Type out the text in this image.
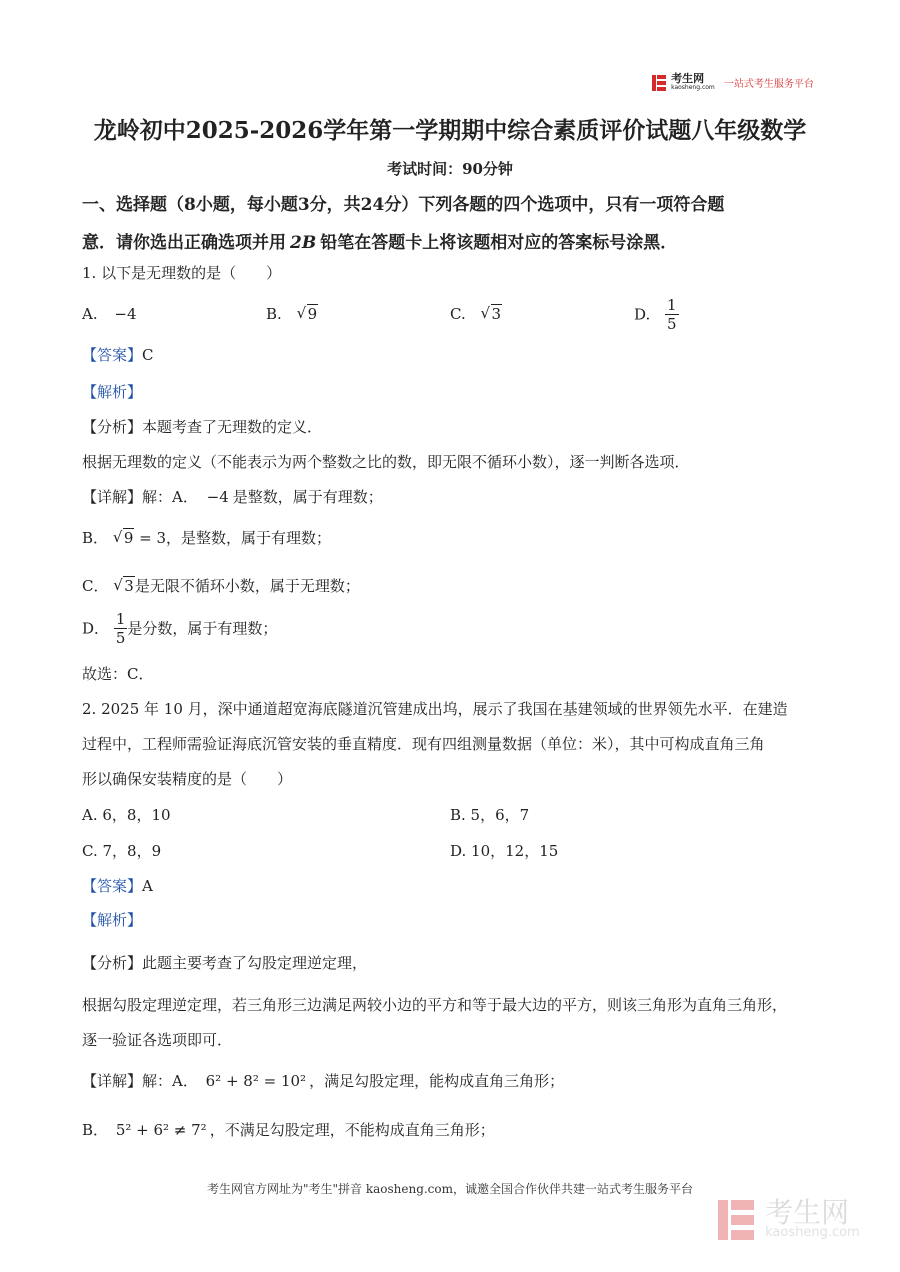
考生网
kaosheng.com 一站式考生服务平台
龙岭初中2025-2026学年第一学期期中综合素质评价试题八年级数学
考试时间：90分钟
一、选择题（8小题，每小题3分，共24分）下列各题的四个选项中，只有一项符合题
意．请你选出正确选项并用 2B 铅笔在答题卡上将该题相对应的答案标号涂黑．
1. 以下是无理数的是（　　）
A. −4	B. √ 9	C. √ 3	D. $\frac{1}{5}$
【答案】C
【解析】
【分析】本题考查了无理数的定义．
根据无理数的定义（不能表示为两个整数之比的数，即无限不循环小数），逐一判断各选项．
【详解】解：A． −4 是整数，属于有理数；
B． √ 9 = 3，是整数，属于有理数；
C． √ 3是无限不循环小数，属于无理数；
D． $\frac{1}{5}$ 是分数，属于有理数；
故选：C．
2. 2025 年 10 月，深中通道超宽海底隧道沉管建成出坞，展示了我国在基建领域的世界领先水平．在建造
过程中，工程师需验证海底沉管安装的垂直精度．现有四组测量数据（单位：米），其中可构成直角三角
形以确保安装精度的是（　　）
A. 6，8，10	B. 5，6，7
C. 7，8，9	D. 10，12，15
【答案】A
【解析】
【分析】此题主要考查了勾股定理逆定理，
根据勾股定理逆定理，若三角形三边满足两较小边的平方和等于最大边的平方，则该三角形为直角三角形，
逐一验证各选项即可．
【详解】解：A． 6² + 8² = 10² ，满足勾股定理，能构成直角三角形；
B． 5² + 6² ≠ 7² ，不满足勾股定理，不能构成直角三角形；
考生网官方网址为"考生"拼音 kaosheng.com，诚邀全国合作伙伴共建一站式考生服务平台

考生网
kaosheng.com
